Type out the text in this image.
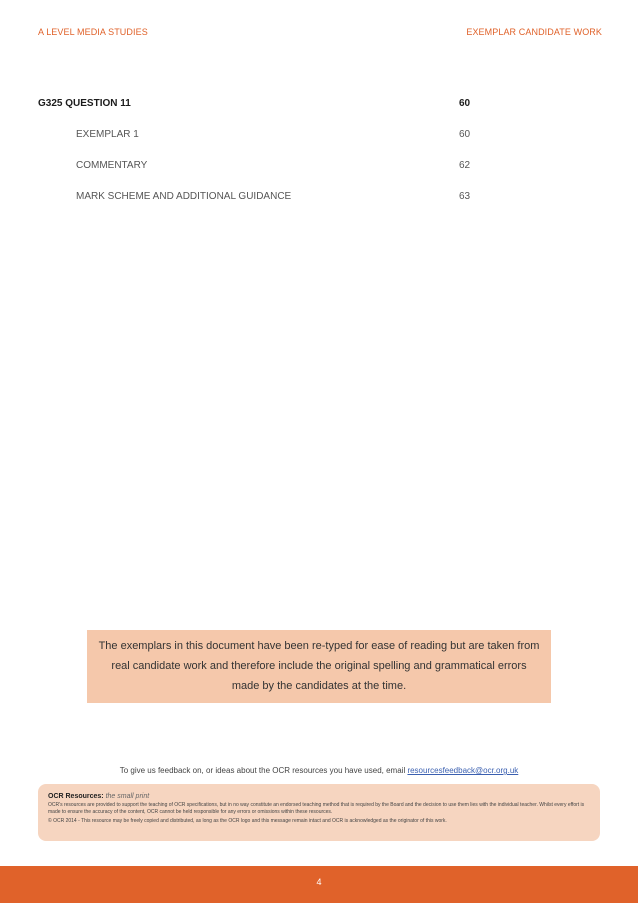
A LEVEL MEDIA STUDIES	EXEMPLAR CANDIDATE WORK
G325 QUESTION 11	60
EXEMPLAR 1	60
COMMENTARY	62
MARK SCHEME AND ADDITIONAL GUIDANCE	63
The exemplars in this document have been re-typed for ease of reading but are taken from real candidate work and therefore include the original spelling and grammatical errors made by the candidates at the time.
To give us feedback on, or ideas about the OCR resources you have used, email resourcesfeedback@ocr.org.uk
OCR Resources: the small print
OCR's resources are provided to support the teaching of OCR specifications, but in no way constitute an endorsed teaching method that is required by the Board and the decision to use them lies with the individual teacher. Whilst every effort is made to ensure the accuracy of the content, OCR cannot be held responsible for any errors or omissions within these resources.
© OCR 2014 - This resource may be freely copied and distributed, as long as the OCR logo and this message remain intact and OCR is acknowledged as the originator of this work.
4
